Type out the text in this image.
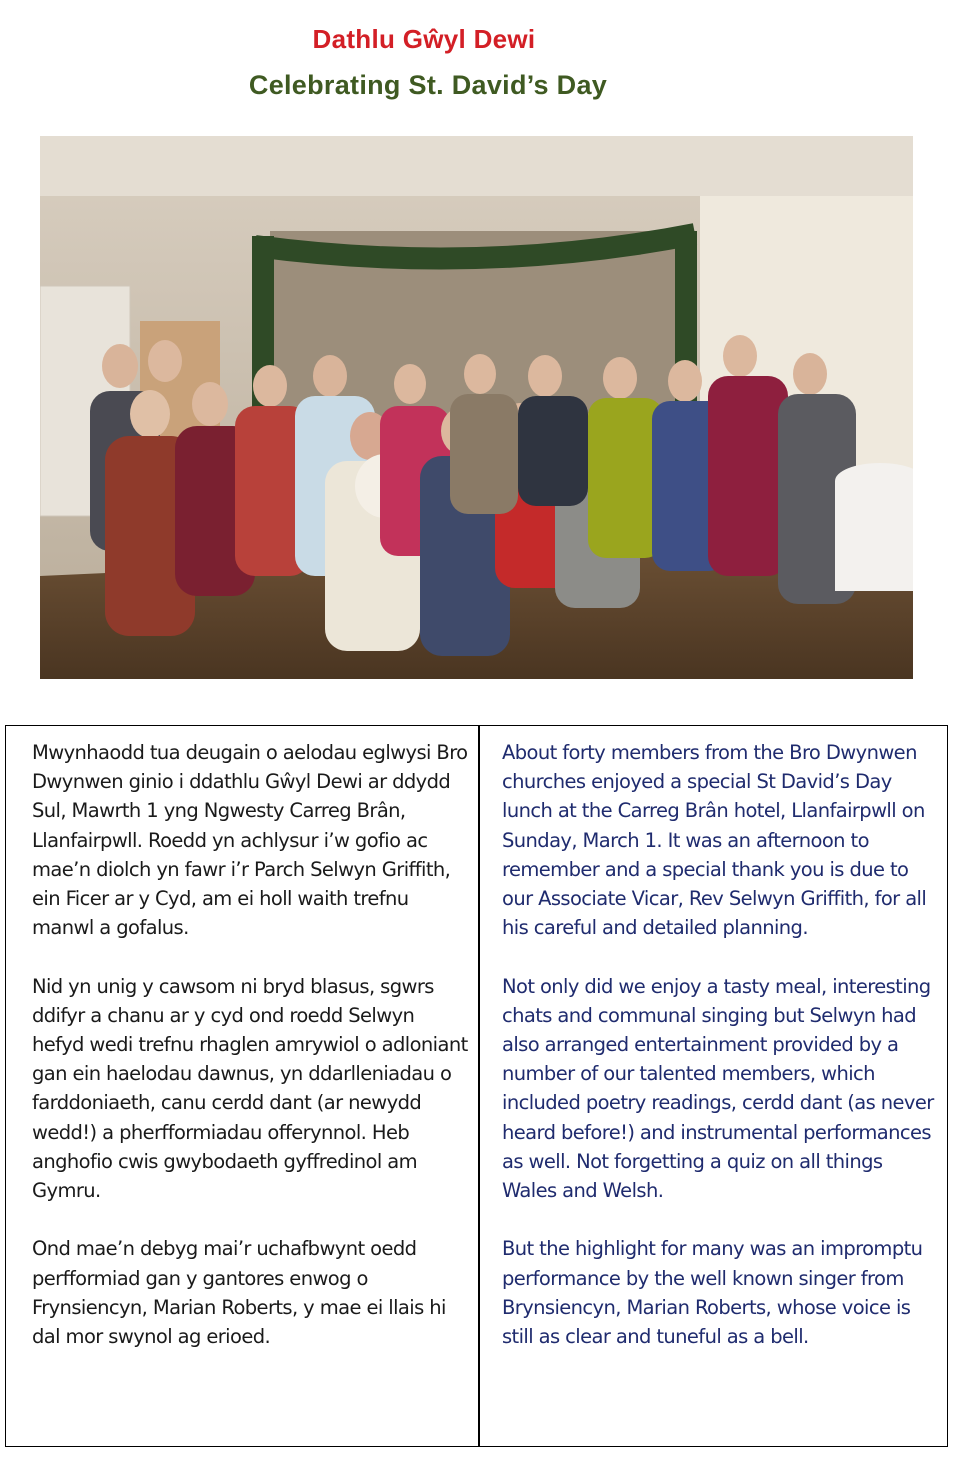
Dathlu Gŵyl Dewi
Celebrating St. David’s Day

Mwynhaodd tua deugain o aelodau eglwysi Bro Dwynwen ginio i ddathlu Gŵyl Dewi ar ddydd Sul, Mawrth 1 yng Ngwesty Carreg Brân, Llanfairpwll. Roedd yn achlysur i’w gofio ac mae’n diolch yn fawr i’r Parch Selwyn Griffith, ein Ficer ar y Cyd, am ei holl waith trefnu manwl a gofalus.

Nid yn unig y cawsom ni bryd blasus, sgwrs ddifyr a chanu ar y cyd ond roedd Selwyn hefyd wedi trefnu rhaglen amrywiol o adloniant gan ein haelodau dawnus, yn ddarlleniadau o farddoniaeth, canu cerdd dant (ar newydd wedd!) a pherfformiadau offerynnol. Heb anghofio cwis gwybodaeth gyffredinol am Gymru.

Ond mae’n debyg mai’r uchafbwynt oedd perfformiad gan y gantores enwog o Frynsiencyn, Marian Roberts, y mae ei llais hi dal mor swynol ag erioed.

About forty members from the Bro Dwynwen churches enjoyed a special St David’s Day lunch at the Carreg Brân hotel, Llanfairpwll on Sunday, March 1. It was an afternoon to remember and a special thank you is due to our Associate Vicar, Rev Selwyn Griffith, for all his careful and detailed planning.

Not only did we enjoy a tasty meal, interesting chats and communal singing but Selwyn had also arranged entertainment provided by a number of our talented members, which included poetry readings, cerdd dant (as never heard before!) and instrumental performances as well. Not forgetting a quiz on all things Wales and Welsh.

But the highlight for many was an impromptu performance by the well known singer from Brynsiencyn, Marian Roberts, whose voice is still as clear and tuneful as a bell.
